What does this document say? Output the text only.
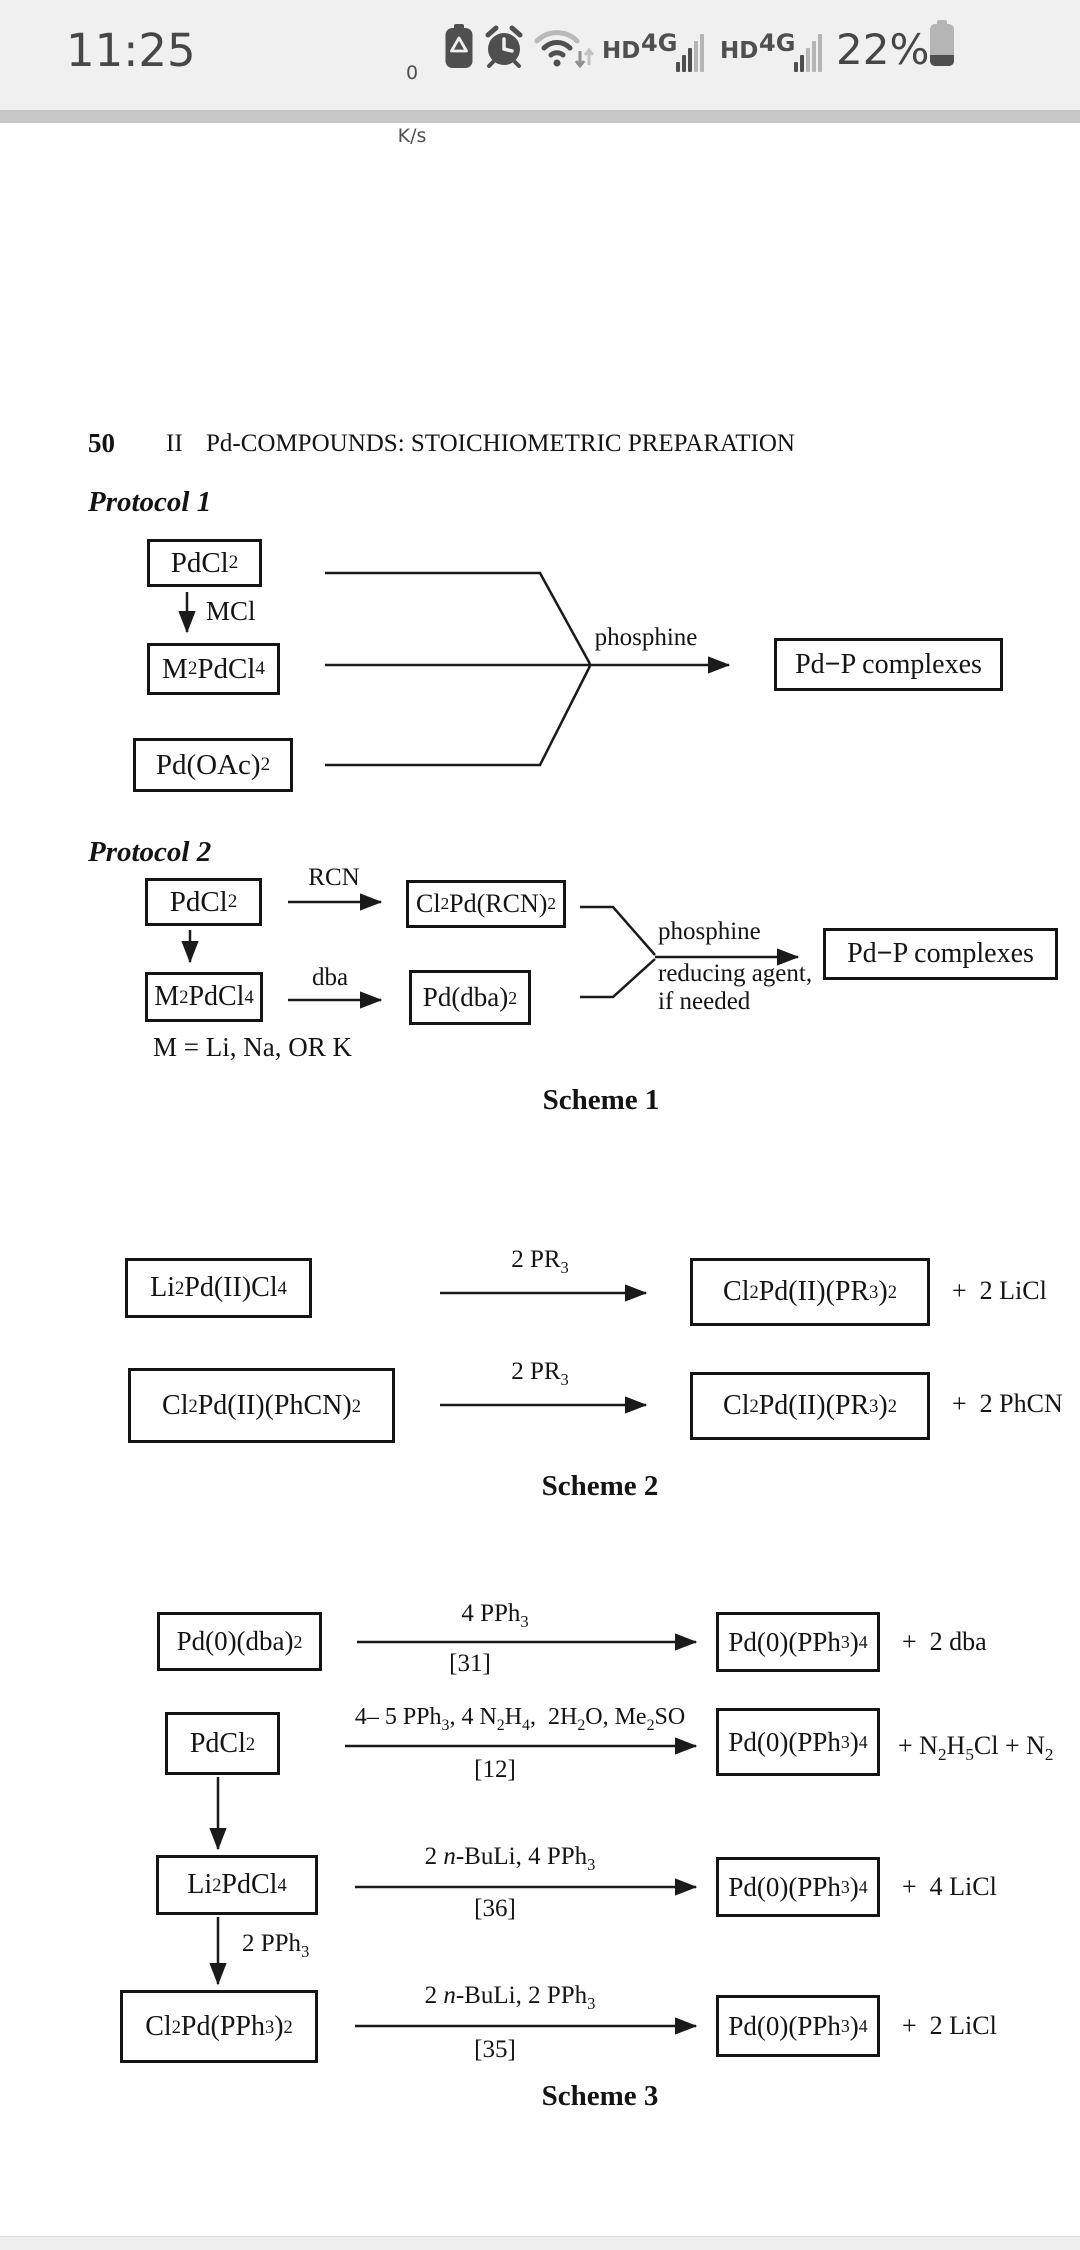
11:25

	0

K/s

HD 4G HD 4G 22%
50 II Pd-COMPOUNDS: STOICHIOMETRIC PREPARATION
Protocol 1
PdCl 2
MCl
M 2 PdCl 4
Pd(OAc) 2
phosphine
Pd − P complexes
Protocol 2
PdCl 2
RCN
Cl 2 Pd(RCN) 2
M 2 PdCl 4
dba
Pd(dba) 2
phosphine
reducing agent,
if needed
Pd − P complexes
M = Li, Na, OR K
Scheme 1
Li 2 Pd(II)Cl 4
2 $PR_3$
Cl 2 Pd(II)(PR 3 ) 2 +  2 LiCl
Cl 2 Pd(II)(PhCN) 2
2 $PR_3$
Cl 2 Pd(II)(PR 3 ) 2 +  2 PhCN
Scheme 2
Pd(0)(dba) 2
4 PPh$_3$
[31]
Pd(0)(PPh 3 ) 4 +  2 dba
PdCl 2
4– 5 PPh$_3$, 4 $N_2H_4$,  $2H_2O$, $Me_2SO$
[12]
Pd(0)(PPh 3 ) $4 + N_2H_5Cl + N_2$
Li 2 PdCl 4
2 n-BuLi, 4 PPh$_3$
[36]
Pd(0)(PPh 3 ) 4 +  4 LiCl
2 PPh$_3$
Cl 2 Pd(PPh 3 ) 2
2 n-BuLi, 2 PPh$_3$
[35]
Pd(0)(PPh 3 ) 4 +  2 LiCl
Scheme 3
